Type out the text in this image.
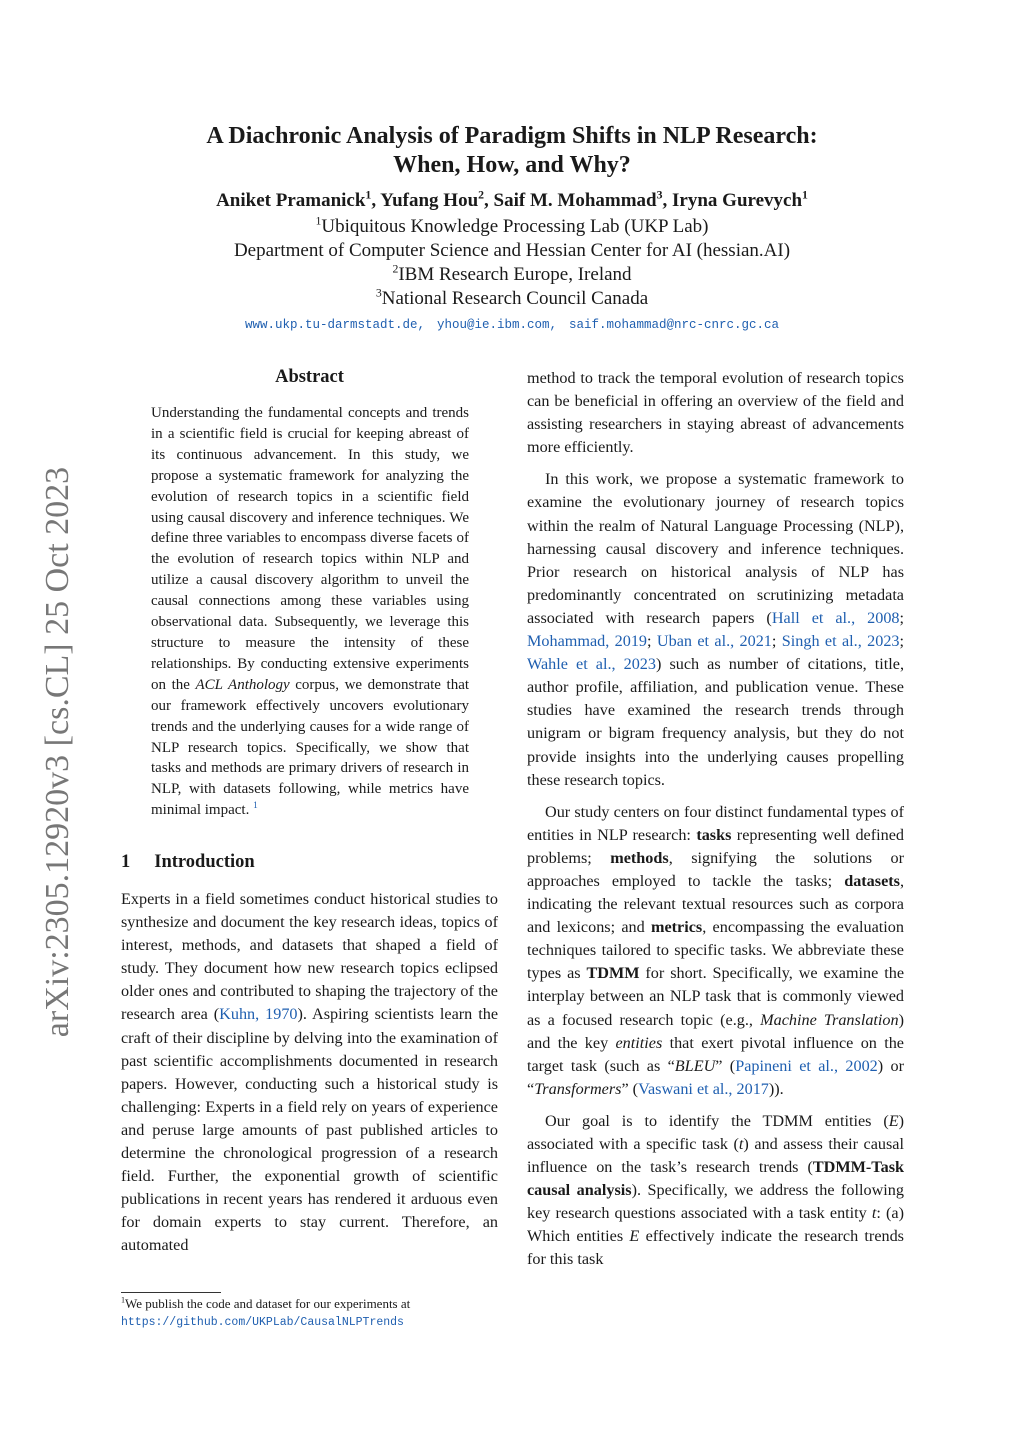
arXiv:2305.12920v3 [cs.CL] 25 Oct 2023
A Diachronic Analysis of Paradigm Shifts in NLP Research:
When, How, and Why?
Aniket Pramanick$^1$, Yufang Hou$^2$, Saif M. Mohammad$^3$, Iryna Gurevych$^1$
$^1$Ubiquitous Knowledge Processing Lab (UKP Lab)
Department of Computer Science and Hessian Center for AI (hessian.AI)
$^2$IBM Research Europe, Ireland
$^3$National Research Council Canada
www.ukp.tu-darmstadt.de, yhou@ie.ibm.com, saif.mohammad@nrc-cnrc.gc.ca
Abstract
Understanding the fundamental concepts and trends in a scientific field is crucial for keeping abreast of its continuous advancement. In this study, we propose a systematic framework for analyzing the evolution of research topics in a scientific field using causal discovery and inference techniques. We define three variables to encompass diverse facets of the evolution of research topics within NLP and utilize a causal discovery algorithm to unveil the causal connections among these variables using observational data. Subsequently, we leverage this structure to measure the intensity of these relationships. By conducting extensive experiments on the ACL Anthology corpus, we demonstrate that our framework effectively uncovers evolutionary trends and the underlying causes for a wide range of NLP research topics. Specifically, we show that tasks and methods are primary drivers of research in NLP, with datasets following, while metrics have minimal impact. $^1$
1 Introduction
Experts in a field sometimes conduct historical studies to synthesize and document the key research ideas, topics of interest, methods, and datasets that shaped a field of study. They document how new research topics eclipsed older ones and contributed to shaping the trajectory of the research area (Kuhn, 1970). Aspiring scientists learn the craft of their discipline by delving into the examination of past scientific accomplishments documented in research papers. However, conducting such a historical study is challenging: Experts in a field rely on years of experience and peruse large amounts of past published articles to determine the chronological progression of a research field. Further, the exponential growth of scientific publications in recent years has rendered it arduous even for domain experts to stay current. Therefore, an automated
$^1$We publish the code and dataset for our experiments at
https://github.com/UKPLab/CausalNLPTrends

method to track the temporal evolution of research topics can be beneficial in offering an overview of the field and assisting researchers in staying abreast of advancements more efficiently.

In this work, we propose a systematic framework to examine the evolutionary journey of research topics within the realm of Natural Language Processing (NLP), harnessing causal discovery and inference techniques. Prior research on historical analysis of NLP has predominantly concentrated on scrutinizing metadata associated with research papers (Hall et al., 2008; Mohammad, 2019; Uban et al., 2021; Singh et al., 2023; Wahle et al., 2023) such as number of citations, title, author profile, affiliation, and publication venue. These studies have examined the research trends through unigram or bigram frequency analysis, but they do not provide insights into the underlying causes propelling these research topics.

Our study centers on four distinct fundamental types of entities in NLP research: tasks representing well defined problems; methods, signifying the solutions or approaches employed to tackle the tasks; datasets, indicating the relevant textual resources such as corpora and lexicons; and metrics, encompassing the evaluation techniques tailored to specific tasks. We abbreviate these types as TDMM for short. Specifically, we examine the interplay between an NLP task that is commonly viewed as a focused research topic (e.g., Machine Translation) and the key entities that exert pivotal influence on the target task (such as “BLEU” (Papineni et al., 2002) or “Transformers” (Vaswani et al., 2017)).

Our goal is to identify the TDMM entities (E) associated with a specific task (t) and assess their causal influence on the task’s research trends (TDMM-Task causal analysis). Specifically, we address the following key research questions associated with a task entity t: (a) Which entities E effectively indicate the research trends for this task
